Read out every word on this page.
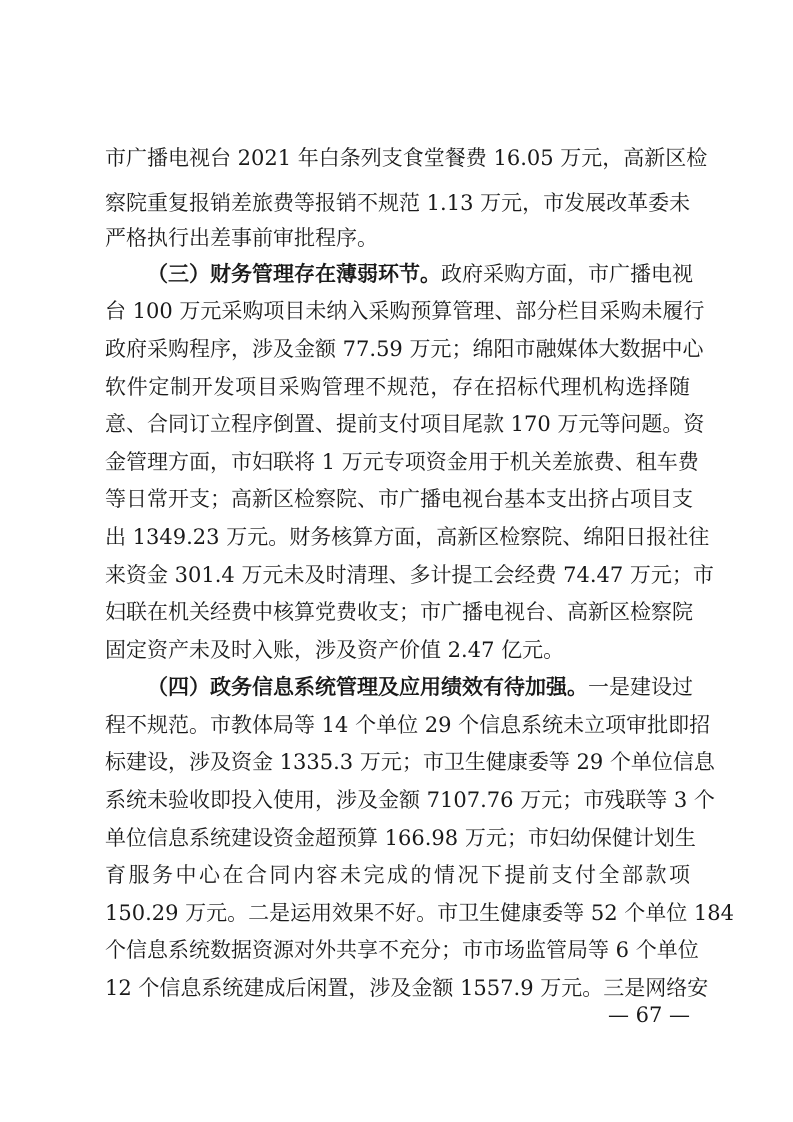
市广播电视台 2021 年白条列支食堂餐费 16.05 万元，高新区检
察院重复报销差旅费等报销不规范 1.13 万元，市发展改革委未
严格执行出差事前审批程序。
（三）财务管理存在薄弱环节。政府采购方面，市广播电视
台 100 万元采购项目未纳入采购预算管理、部分栏目采购未履行
政府采购程序，涉及金额 77.59 万元；绵阳市融媒体大数据中心
软件定制开发项目采购管理不规范，存在招标代理机构选择随
意、合同订立程序倒置、提前支付项目尾款 170 万元等问题。资
金管理方面，市妇联将 1 万元专项资金用于机关差旅费、租车费
等日常开支；高新区检察院、市广播电视台基本支出挤占项目支
出 1349.23 万元。财务核算方面，高新区检察院、绵阳日报社往
来资金 301.4 万元未及时清理、多计提工会经费 74.47 万元；市
妇联在机关经费中核算党费收支；市广播电视台、高新区检察院
固定资产未及时入账，涉及资产价值 2.47 亿元。
（四）政务信息系统管理及应用绩效有待加强。一是建设过
程不规范。市教体局等 14 个单位 29 个信息系统未立项审批即招
标建设，涉及资金 1335.3 万元；市卫生健康委等 29 个单位信息
系统未验收即投入使用，涉及金额 7107.76 万元；市残联等 3 个
单位信息系统建设资金超预算 166.98 万元；市妇幼保健计划生
育服务中心在合同内容未完成的情况下提前支付全部款项
150.29 万元。二是运用效果不好。市卫生健康委等 52 个单位 184
个信息系统数据资源对外共享不充分；市市场监管局等 6 个单位
12 个信息系统建成后闲置，涉及金额 1557.9 万元。三是网络安
— 67 —
